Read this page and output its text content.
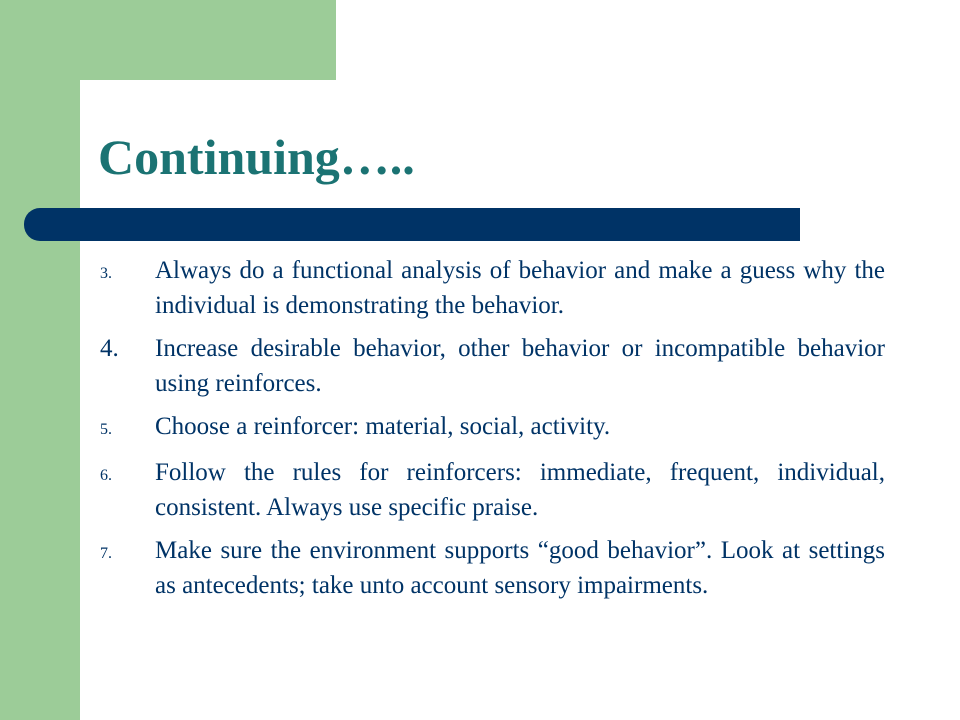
Continuing…..
3.	Always do a functional analysis of behavior and make a guess why the individual is demonstrating the behavior.
4.	Increase desirable behavior, other behavior or incompatible behavior using reinforces.
5.	Choose a reinforcer: material, social, activity.
6.	Follow the rules for reinforcers: immediate, frequent, individual, consistent. Always use specific praise.
7.	Make sure the environment supports “good behavior”. Look at settings as antecedents; take unto account sensory impairments.
